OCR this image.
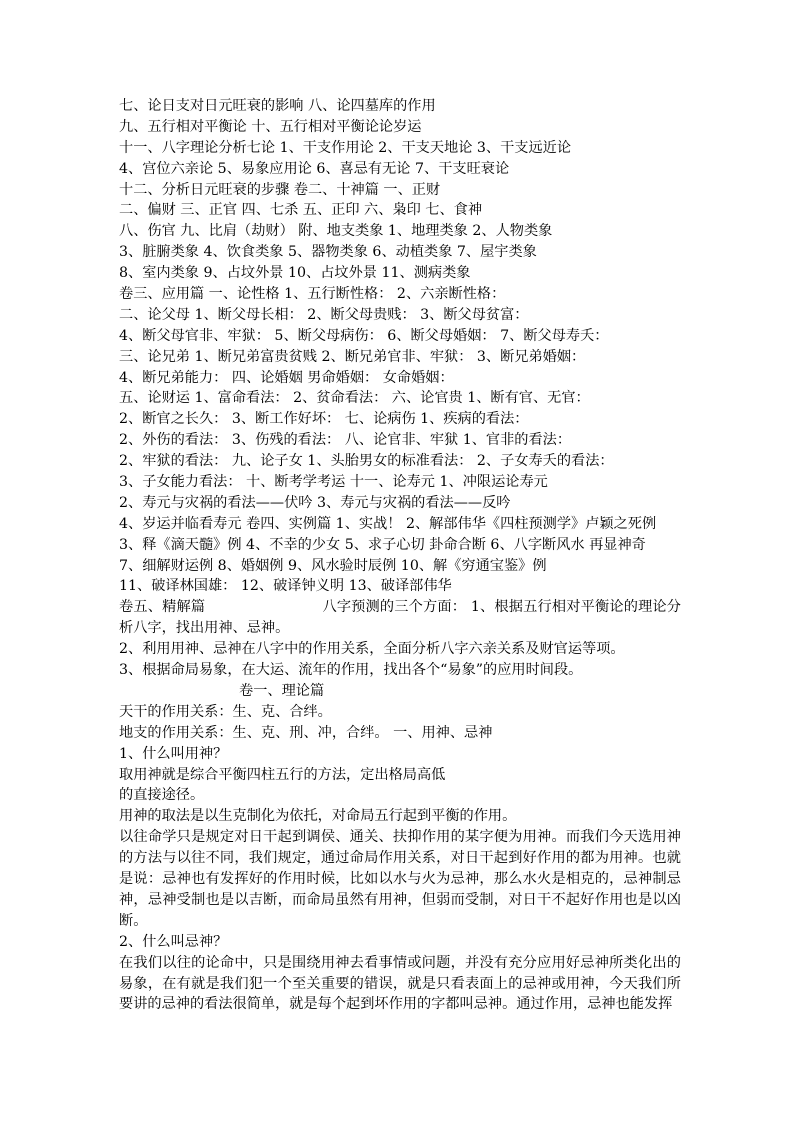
七、论日支对日元旺衰的影响 八、论四墓库的作用
九、五行相对平衡论 十、五行相对平衡论论岁运
十一、八字理论分析七论 1、干支作用论 2、干支天地论 3、干支远近论
4、宫位六亲论 5、易象应用论 6、喜忌有无论 7、干支旺衰论
十二、分析日元旺衰的步骤 卷二、十神篇 一、正财
二、偏财 三、正官 四、七杀 五、正印 六、枭印 七、食神
八、伤官 九、比肩（劫财） 附、地支类象 1、地理类象 2、人物类象
3、脏腑类象 4、饮食类象 5、器物类象 6、动植类象 7、屋宇类象
8、室内类象 9、占坟外景 10、占坟外景 11、测病类象
卷三、应用篇 一、论性格 1、五行断性格： 2、六亲断性格：
二、论父母 1、断父母长相： 2、断父母贵贱： 3、断父母贫富：
4、断父母官非、牢狱： 5、断父母病伤： 6、断父母婚姻： 7、断父母寿夭：
三、论兄弟 1、断兄弟富贵贫贱 2、断兄弟官非、牢狱： 3、断兄弟婚姻：
4、断兄弟能力： 四、论婚姻 男命婚姻： 女命婚姻：
五、论财运 1、富命看法： 2、贫命看法： 六、论官贵 1、断有官、无官：
2、断官之长久： 3、断工作好坏： 七、论病伤 1、疾病的看法：
2、外伤的看法： 3、伤残的看法： 八、论官非、牢狱 1、官非的看法：
2、牢狱的看法： 九、论子女 1、头胎男女的标准看法： 2、子女寿夭的看法：
3、子女能力看法： 十、断考学考运 十一、论寿元 1、冲限运论寿元
2、寿元与灾祸的看法——伏吟 3、寿元与灾祸的看法——反吟
4、岁运并临看寿元 卷四、实例篇 1、实战！ 2、解部伟华《四柱预测学》卢颖之死例
3、释《滴天髓》例 4、不幸的少女 5、求子心切 卦命合断 6、八字断风水 再显神奇
7、细解财运例 8、婚姻例 9、风水验时辰例 10、解《穷通宝鉴》例
11、破译林国雄： 12、破译钟义明 13、破译部伟华
卷五、精解篇                         八字预测的三个方面： 1、根据五行相对平衡论的理论分析八字，找出用神、忌神。
2、利用用神、忌神在八字中的作用关系，全面分析八字六亲关系及财官运等项。
3、根据命局易象，在大运、流年的作用，找出各个“易象”的应用时间段。
卷一、理论篇
天干的作用关系：生、克、合绊。
地支的作用关系：生、克、刑、冲，合绊。 一、用神、忌神
1、什么叫用神？
取用神就是综合平衡四柱五行的方法，定出格局高低
的直接途径。
用神的取法是以生克制化为依托，对命局五行起到平衡的作用。
以往命学只是规定对日干起到调侯、通关、扶抑作用的某字便为用神。而我们今天选用神的方法与以往不同，我们规定，通过命局作用关系，对日干起到好作用的都为用神。也就是说：忌神也有发挥好的作用时候，比如以水与火为忌神，那么水火是相克的，忌神制忌神，忌神受制也是以吉断，而命局虽然有用神，但弱而受制，对日干不起好作用也是以凶断。
2、什么叫忌神？
在我们以往的论命中，只是围绕用神去看事情或问题，并没有充分应用好忌神所类化出的易象，在有就是我们犯一个至关重要的错误，就是只看表面上的忌神或用神，今天我们所要讲的忌神的看法很简单，就是每个起到坏作用的字都叫忌神。通过作用，忌神也能发挥
